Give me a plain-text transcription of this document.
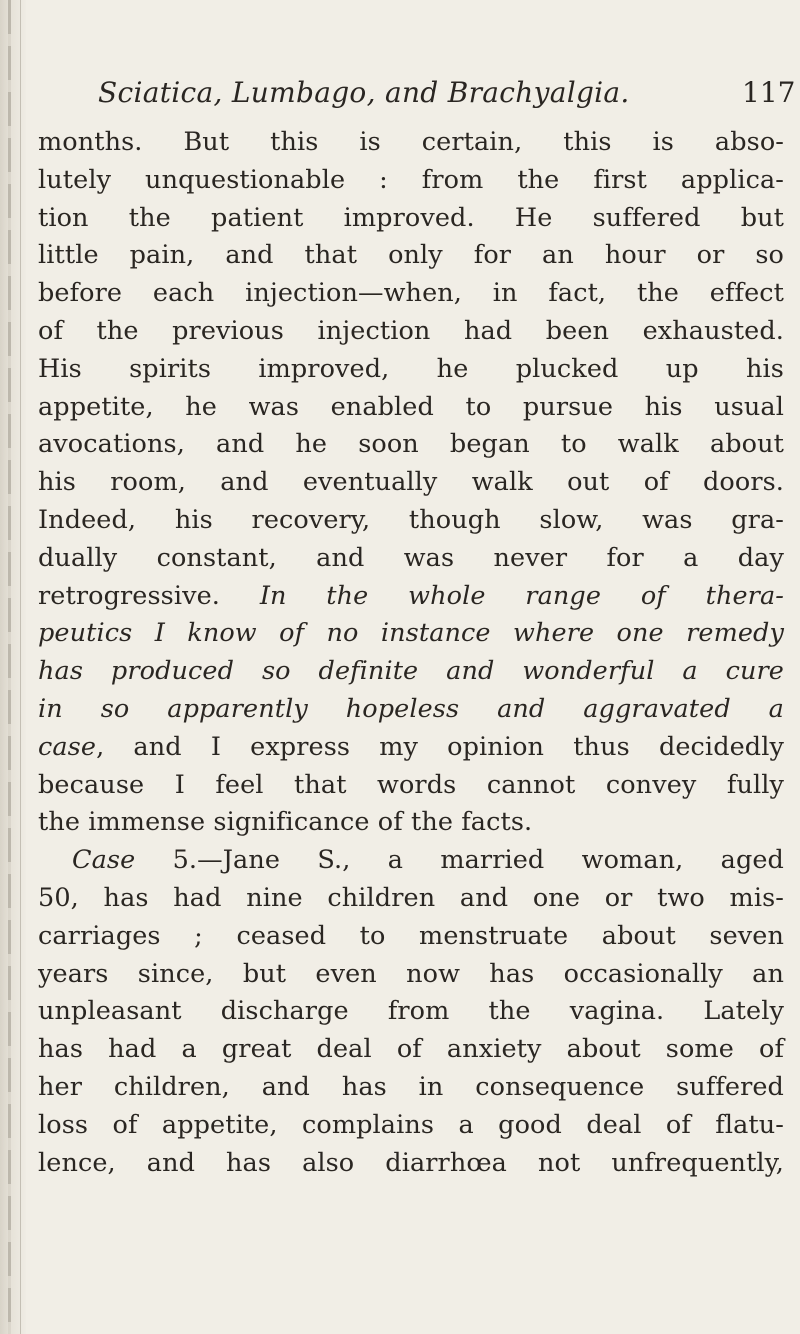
Sciatica, Lumbago, and Brachyalgia.	117
months. But this is certain, this is abso-
lutely unquestionable : from the first applica-
tion the patient improved. He suffered but
little pain, and that only for an hour or so
before each injection—when, in fact, the effect
of the previous injection had been exhausted.
His spirits improved, he plucked up his
appetite, he was enabled to pursue his usual
avocations, and he soon began to walk about
his room, and eventually walk out of doors.
Indeed, his recovery, though slow, was gra-
dually constant, and was never for a day
retrogressive. In the whole range of thera-
peutics I know of no instance where one remedy
has produced so definite and wonderful a cure
in so apparently hopeless and aggravated a
case, and I express my opinion thus decidedly
because I feel that words cannot convey fully
the immense significance of the facts.
Case 5.—Jane S., a married woman, aged
50, has had nine children and one or two mis-
carriages ; ceased to menstruate about seven
years since, but even now has occasionally an
unpleasant discharge from the vagina. Lately
has had a great deal of anxiety about some of
her children, and has in consequence suffered
loss of appetite, complains a good deal of flatu-
lence, and has also diarrhœa not unfrequently,
